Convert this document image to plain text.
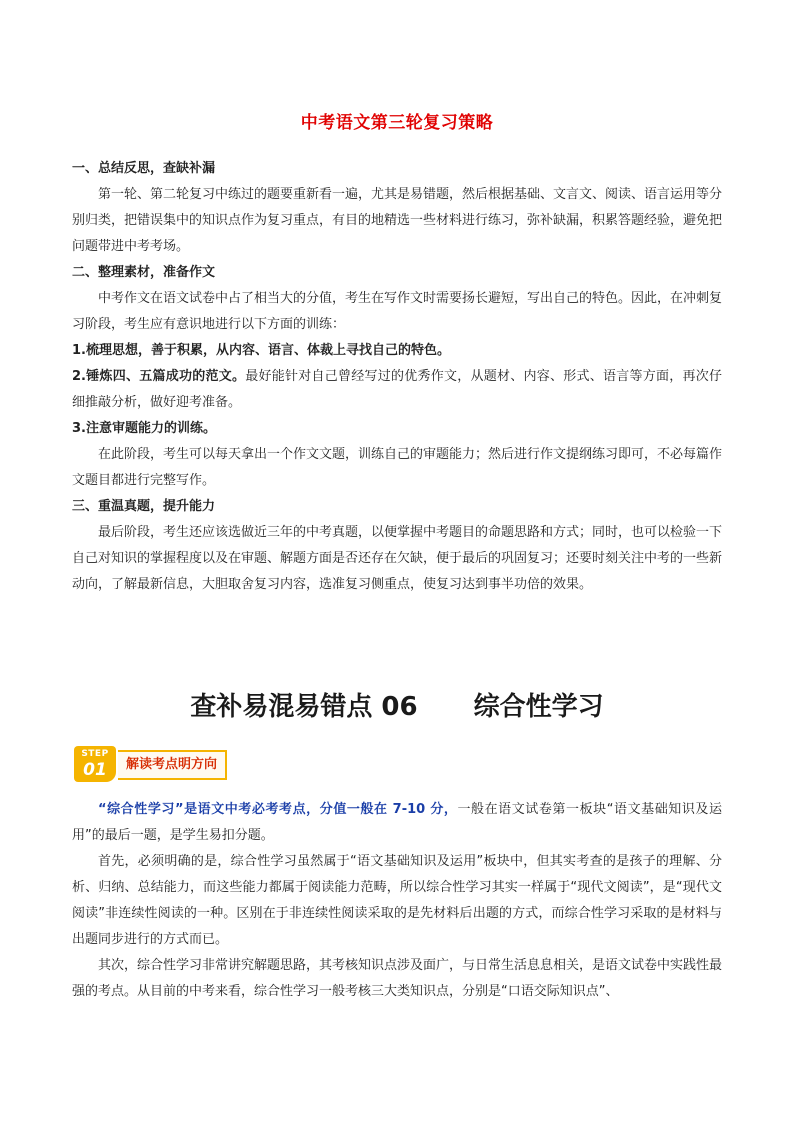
中考语文第三轮复习策略

一、总结反思，查缺补漏

第一轮、第二轮复习中练过的题要重新看一遍，尤其是易错题，然后根据基础、文言文、阅读、语言运用等分别归类，把错误集中的知识点作为复习重点，有目的地精选一些材料进行练习，弥补缺漏，积累答题经验，避免把问题带进中考考场。

二、整理素材，准备作文

中考作文在语文试卷中占了相当大的分值，考生在写作文时需要扬长避短，写出自己的特色。因此，在冲刺复习阶段，考生应有意识地进行以下方面的训练：

1.梳理思想，善于积累，从内容、语言、体裁上寻找自己的特色。

2.锤炼四、五篇成功的范文。最好能针对自己曾经写过的优秀作文，从题材、内容、形式、语言等方面，再次仔细推敲分析，做好迎考准备。

3.注意审题能力的训练。

在此阶段，考生可以每天拿出一个作文文题，训练自己的审题能力；然后进行作文提纲练习即可，不必每篇作文题目都进行完整写作。

三、重温真题，提升能力

最后阶段，考生还应该选做近三年的中考真题，以便掌握中考题目的命题思路和方式；同时，也可以检验一下自己对知识的掌握程度以及在审题、解题方面是否还存在欠缺，便于最后的巩固复习；还要时刻关注中考的一些新动向，了解最新信息，大胆取舍复习内容，选准复习侧重点，使复习达到事半功倍的效果。

查补易混易错点 06 综合性学习
STEP
01	解读考点明方向

“综合性学习”是语文中考必考考点，分值一般在 7-10 分，一般在语文试卷第一板块“语文基础知识及运用”的最后一题，是学生易扣分题。

首先，必须明确的是，综合性学习虽然属于“语文基础知识及运用”板块中，但其实考查的是孩子的理解、分析、归纳、总结能力，而这些能力都属于阅读能力范畴，所以综合性学习其实一样属于“现代文阅读”，是“现代文阅读”非连续性阅读的一种。区别在于非连续性阅读采取的是先材料后出题的方式，而综合性学习采取的是材料与出题同步进行的方式而已。

其次，综合性学习非常讲究解题思路，其考核知识点涉及面广，与日常生活息息相关，是语文试卷中实践性最强的考点。从目前的中考来看，综合性学习一般考核三大类知识点，分别是“口语交际知识点”、
